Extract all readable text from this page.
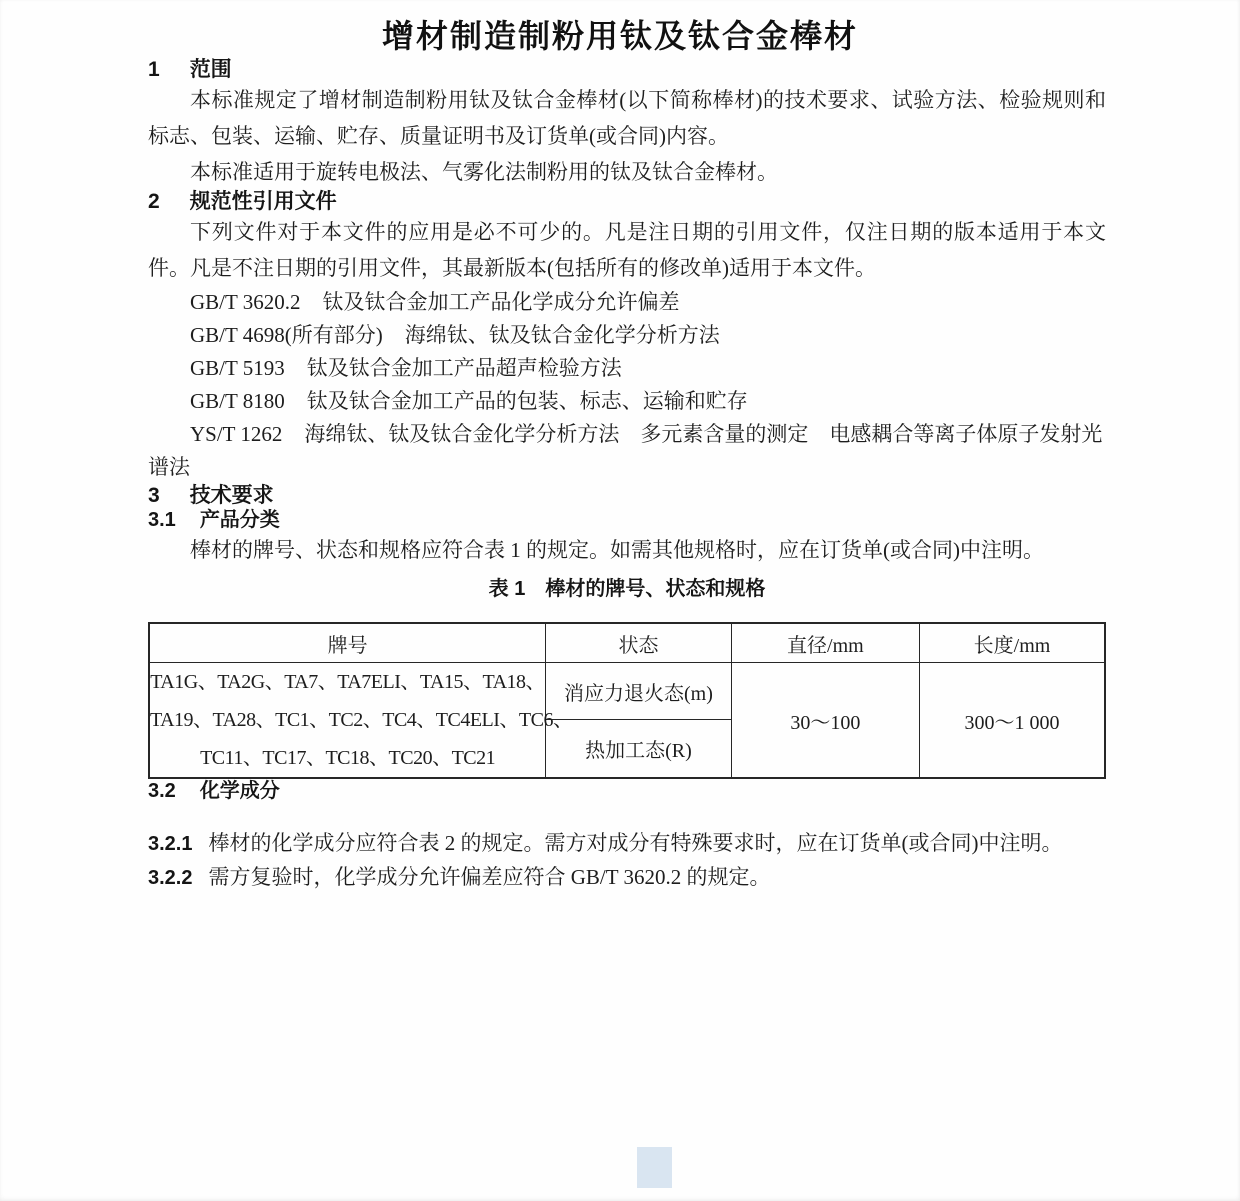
增材制造制粉用钛及钛合金棒材
1 范围

本标准规定了增材制造制粉用钛及钛合金棒材(以下简称棒材)的技术要求、试验方法、检验规则和标志、包装、运输、贮存、质量证明书及订货单(或合同)内容。

本标准适用于旋转电极法、气雾化法制粉用的钛及钛合金棒材。

2 规范性引用文件

下列文件对于本文件的应用是必不可少的。凡是注日期的引用文件，仅注日期的版本适用于本文件。凡是不注日期的引用文件，其最新版本(包括所有的修改单)适用于本文件。

GB/T 3620.2 钛及钛合金加工产品化学成分允许偏差

GB/T 4698(所有部分) 海绵钛、钛及钛合金化学分析方法

GB/T 5193 钛及钛合金加工产品超声检验方法

GB/T 8180 钛及钛合金加工产品的包装、标志、运输和贮存

YS/T 1262 海绵钛、钛及钛合金化学分析方法　多元素含量的测定　电感耦合等离子体原子发射光谱法

3 技术要求
3.1 产品分类

棒材的牌号、状态和规格应符合表 1 的规定。如需其他规格时，应在订货单(或合同)中注明。

表 1　棒材的牌号、状态和规格

牌号	状态	直径/mm	长度/mm

TA1G、TA2G、TA7、TA7ELI、TA15、TA18、
TA19、TA28、TC1、TC2、TC4、TC4ELI、TC6、
TC11、TC17、TC18、TC20、TC21	消应力退火态(m)	30～100	300～1 000
	热加工态(R)		
3.2 化学成分

3.2.1 棒材的化学成分应符合表 2 的规定。需方对成分有特殊要求时，应在订货单(或合同)中注明。

3.2.2 需方复验时，化学成分允许偏差应符合 GB/T 3620.2 的规定。
